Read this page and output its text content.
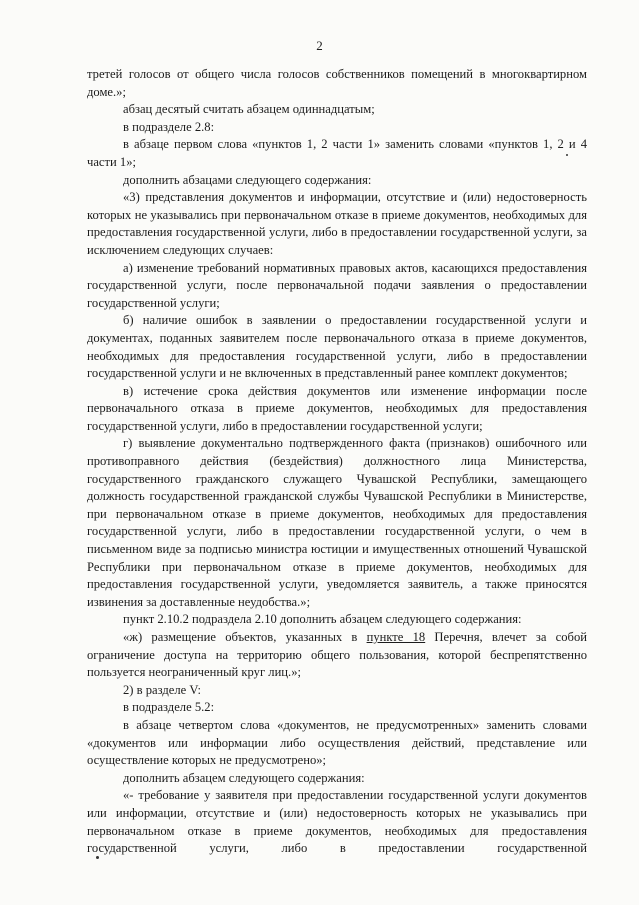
2

третей голосов от общего числа голосов собственников помещений в многоквартирном доме.»;

абзац десятый считать абзацем одиннадцатым;

в подразделе 2.8:

в абзаце первом слова «пунктов 1, 2 части 1» заменить словами «пунктов 1, 2 и 4 части 1»;

дополнить абзацами следующего содержания:

«3) представления документов и информации, отсутствие и (или) недостоверность которых не указывались при первоначальном отказе в приеме документов, необходимых для предоставления государственной услуги, либо в предоставлении государственной услуги, за исключением следующих случаев:

а) изменение требований нормативных правовых актов, касающихся предоставления государственной услуги, после первоначальной подачи заявления о предоставлении государственной услуги;

б) наличие ошибок в заявлении о предоставлении государственной услуги и документах, поданных заявителем после первоначального отказа в приеме документов, необходимых для предоставления государственной услуги, либо в предоставлении государственной услуги и не включенных в представленный ранее комплект документов;

в) истечение срока действия документов или изменение информации после первоначального отказа в приеме документов, необходимых для предоставления государственной услуги, либо в предоставлении государственной услуги;

г) выявление документально подтвержденного факта (признаков) ошибочного или противоправного действия (бездействия) должностного лица Министерства, государственного гражданского служащего Чувашской Республики, замещающего должность государственной гражданской службы Чувашской Республики в Министерстве, при первоначальном отказе в приеме документов, необходимых для предоставления государственной услуги, либо в предоставлении государственной услуги, о чем в письменном виде за подписью министра юстиции и имущественных отношений Чувашской Республики при первоначальном отказе в приеме документов, необходимых для предоставления государственной услуги, уведомляется заявитель, а также приносятся извинения за доставленные неудобства.»;

пункт 2.10.2 подраздела 2.10 дополнить абзацем следующего содержания:

«ж) размещение объектов, указанных в пункте 18 Перечня, влечет за собой ограничение доступа на территорию общего пользования, которой беспрепятственно пользуется неограниченный круг лиц.»;

2) в разделе V:

в подразделе 5.2:

в абзаце четвертом слова «документов, не предусмотренных» заменить словами «документов или информации либо осуществления действий, представление или осуществление которых не предусмотрено»;

дополнить абзацем следующего содержания:

«- требование у заявителя при предоставлении государственной услуги документов или информации, отсутствие и (или) недостоверность которых не указывались при первоначальном отказе в приеме документов, необходимых для предоставления государственной услуги, либо в предоставлении государственной
